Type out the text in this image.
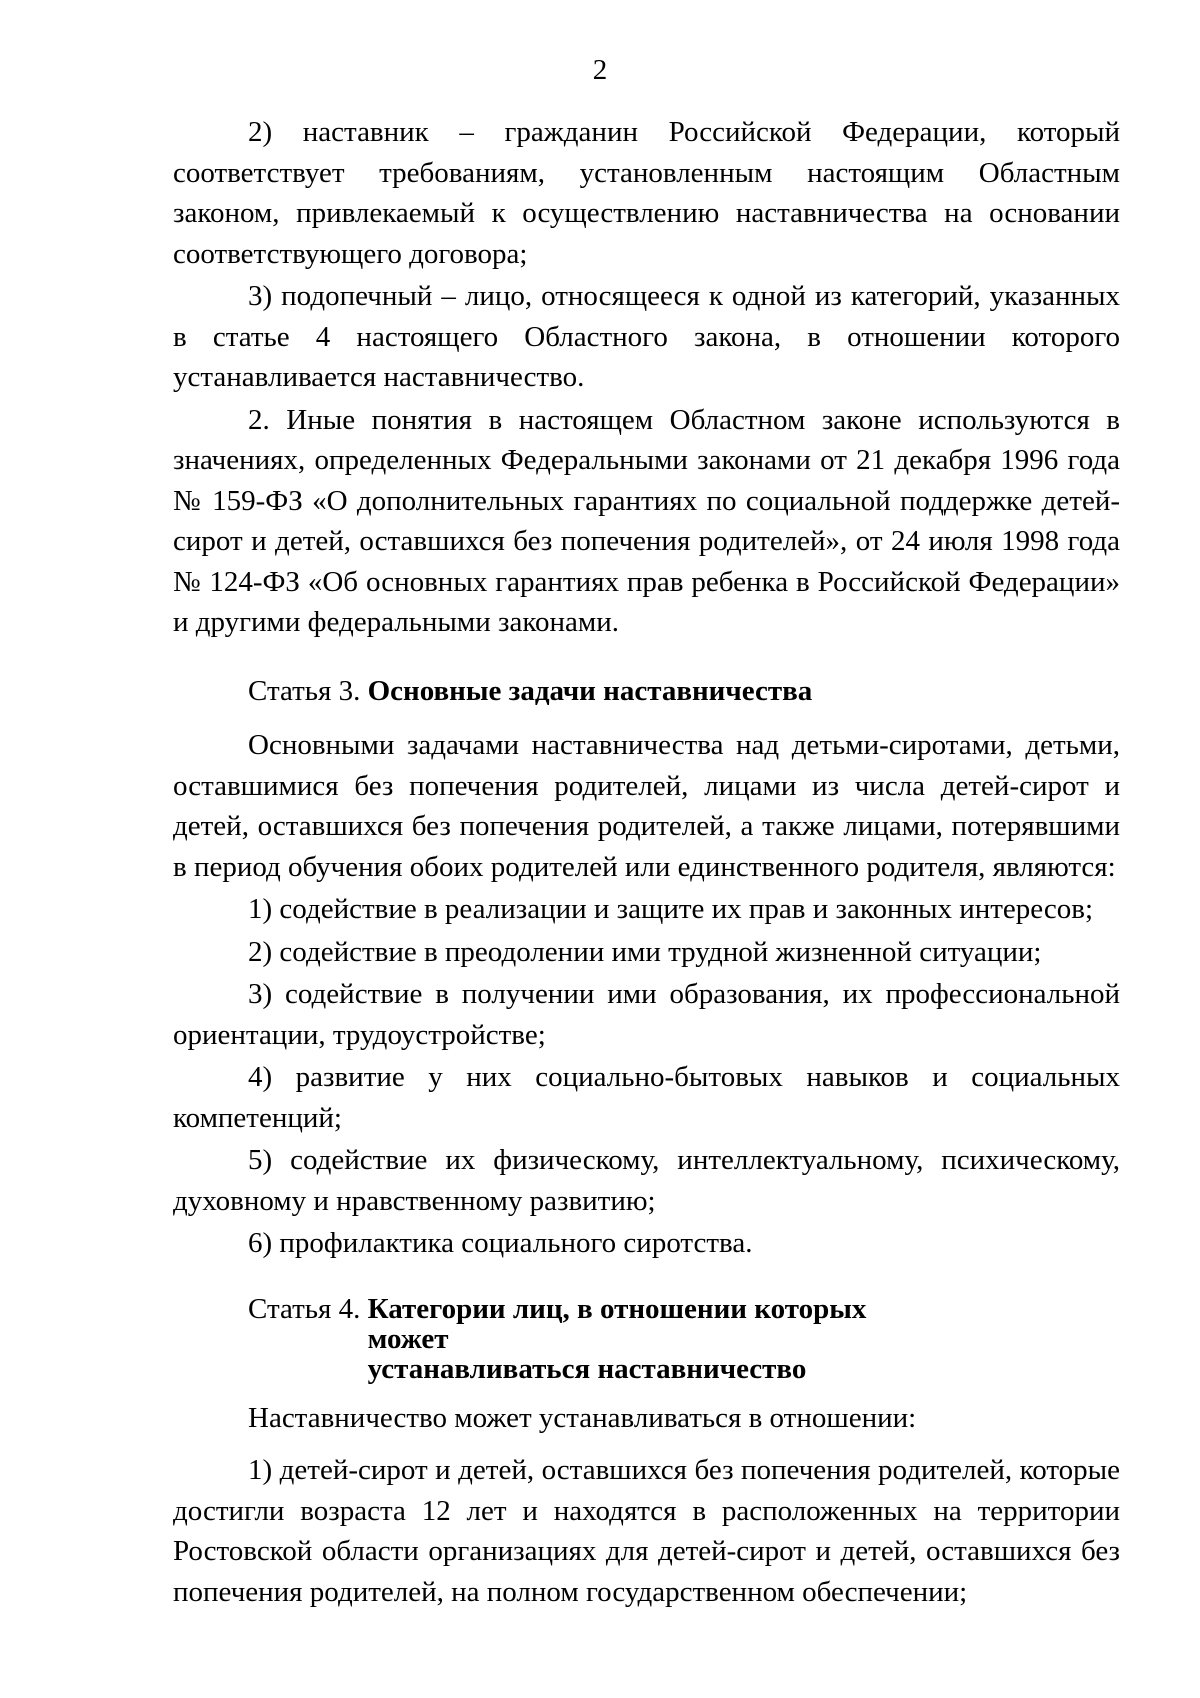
2

2) наставник – гражданин Российской Федерации, который соответствует требованиям, установленным настоящим Областным законом, привлекаемый к осуществлению наставничества на основании соответствующего договора;

3) подопечный – лицо, относящееся к одной из категорий, указанных в статье 4 настоящего Областного закона, в отношении которого устанавливается наставничество.

2. Иные понятия в настоящем Областном законе используются в значениях, определенных Федеральными законами от 21 декабря 1996 года № 159-ФЗ «О дополнительных гарантиях по социальной поддержке детей-сирот и детей, оставшихся без попечения родителей», от 24 июля 1998 года № 124-ФЗ «Об основных гарантиях прав ребенка в Российской Федерации» и другими федеральными законами.

Статья 3. Основные задачи наставничества

Основными задачами наставничества над детьми-сиротами, детьми, оставшимися без попечения родителей, лицами из числа детей-сирот и детей, оставшихся без попечения родителей, а также лицами, потерявшими в период обучения обоих родителей или единственного родителя, являются:

1) содействие в реализации и защите их прав и законных интересов;

2) содействие в преодолении ими трудной жизненной ситуации;

3) содействие в получении ими образования, их профессиональной ориентации, трудоустройстве;

4) развитие у них социально-бытовых навыков и социальных компетенций;

5) содействие их физическому, интеллектуальному, психическому, духовному и нравственному развитию;

6) профилактика социального сиротства.

Статья 4. Категории лиц, в отношении которых может
устанавливаться наставничество

Наставничество может устанавливаться в отношении:

1) детей-сирот и детей, оставшихся без попечения родителей, которые достигли возраста 12 лет и находятся в расположенных на территории Ростовской области организациях для детей-сирот и детей, оставшихся без попечения родителей, на полном государственном обеспечении;
